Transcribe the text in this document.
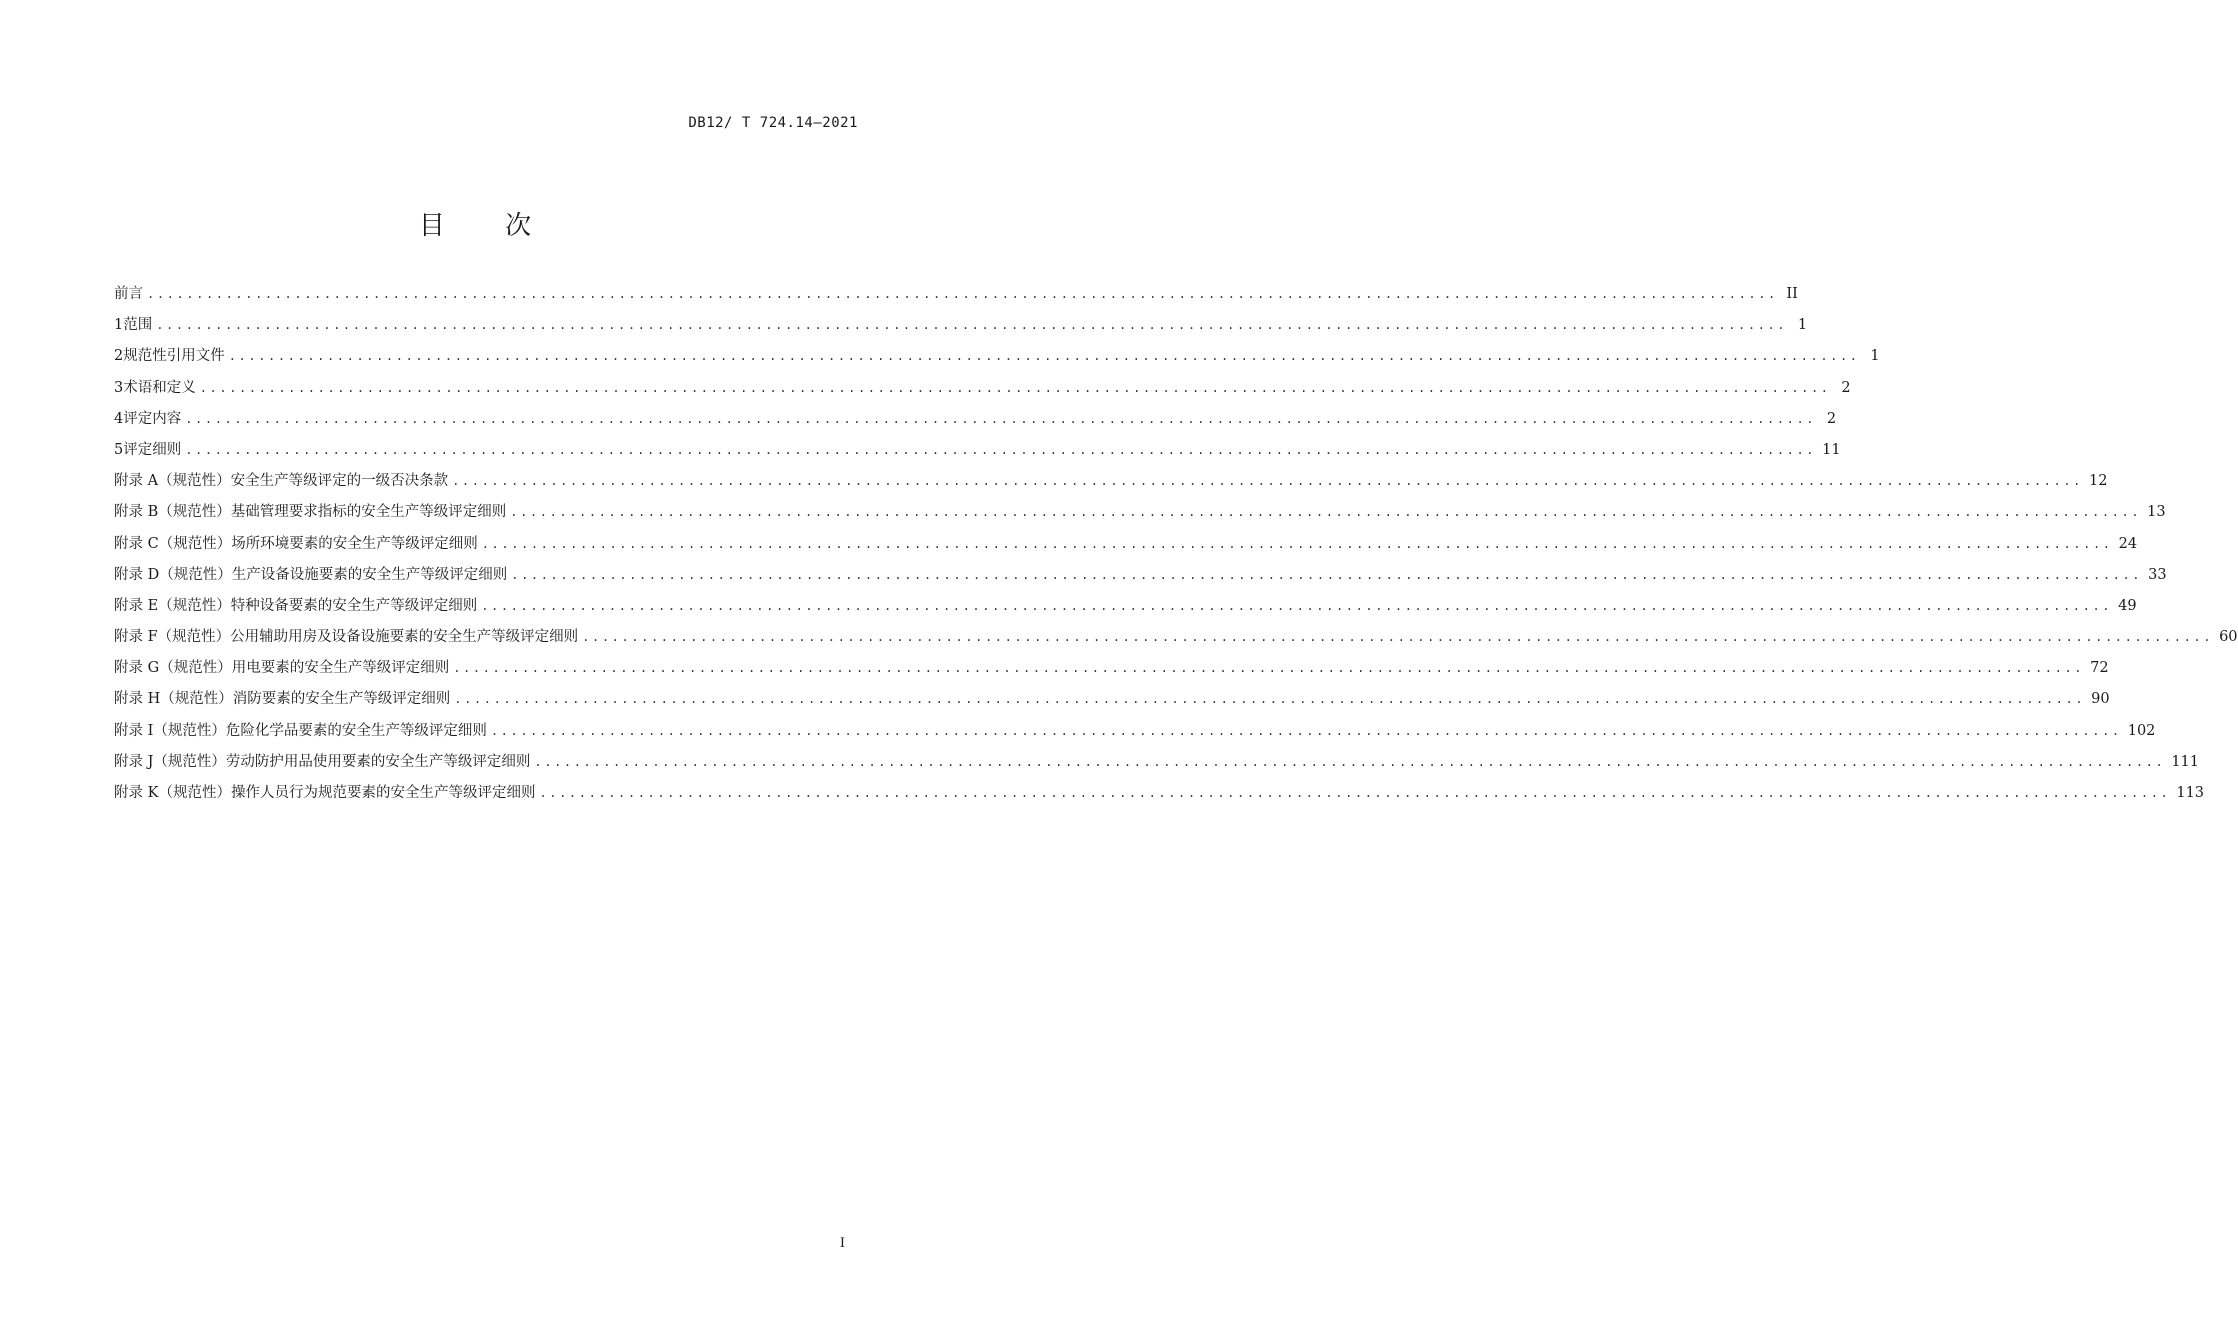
DB12/ T 724.14—2021
目 次
前言 ...................................................................................................................................................................... II
1 范围 ...................................................................................................................................................................... 1
2 规范性引用文件 ...................................................................................................................................................................... 1
3 术语和定义 ...................................................................................................................................................................... 2
4 评定内容 ...................................................................................................................................................................... 2
5 评定细则 ...................................................................................................................................................................... 11
附录 A （规范性） 安全生产等级评定的一级否决条款 ...................................................................................................................................................................... 12
附录 B （规范性） 基础管理要求指标的安全生产等级评定细则 ...................................................................................................................................................................... 13
附录 C （规范性） 场所环境要素的安全生产等级评定细则 ...................................................................................................................................................................... 24
附录 D （规范性） 生产设备设施要素的安全生产等级评定细则 ...................................................................................................................................................................... 33
附录 E （规范性） 特种设备要素的安全生产等级评定细则 ...................................................................................................................................................................... 49
附录 F （规范性） 公用辅助用房及设备设施要素的安全生产等级评定细则 ...................................................................................................................................................................... 60
附录 G （规范性） 用电要素的安全生产等级评定细则 ...................................................................................................................................................................... 72
附录 H （规范性） 消防要素的安全生产等级评定细则 ...................................................................................................................................................................... 90
附录 I （规范性） 危险化学品要素的安全生产等级评定细则 ...................................................................................................................................................................... 102
附录 J （规范性） 劳动防护用品使用要素的安全生产等级评定细则 ...................................................................................................................................................................... 111
附录 K （规范性） 操作人员行为规范要素的安全生产等级评定细则 ...................................................................................................................................................................... 113
I
